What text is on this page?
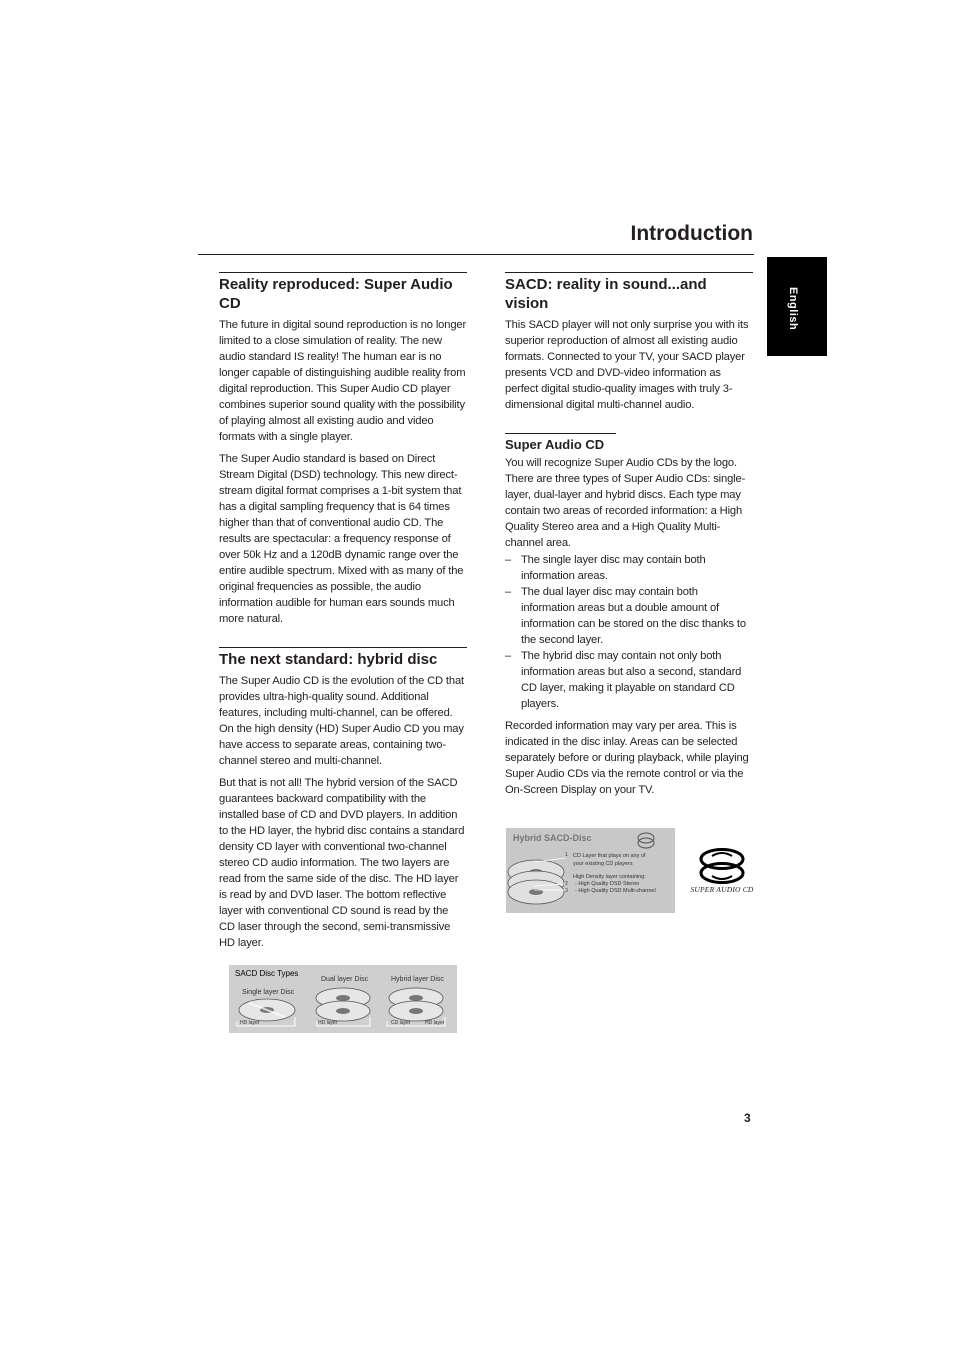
Introduction
English
Reality reproduced: Super Audio CD

The future in digital sound reproduction is no longer limited to a close simulation of reality. The new audio standard IS reality! The human ear is no longer capable of distinguishing audible reality from digital reproduction. This Super Audio CD player combines superior sound quality with the possibility of playing almost all existing audio and video formats with a single player.

The Super Audio standard is based on Direct Stream Digital (DSD) technology. This new direct-stream digital format comprises a 1-bit system that has a digital sampling frequency that is 64 times higher than that of conventional audio CD. The results are spectacular: a frequency response of over 50k Hz and a 120dB dynamic range over the entire audible spectrum. Mixed with as many of the original frequencies as possible, the audio information audible for human ears sounds much more natural.

The next standard: hybrid disc

The Super Audio CD is the evolution of the CD that provides ultra-high-quality sound. Additional features, including multi-channel, can be offered. On the high density (HD) Super Audio CD you may have access to separate areas, containing two-channel stereo and multi-channel.

But that is not all! The hybrid version of the SACD guarantees backward compatibility with the installed base of CD and DVD players. In addition to the HD layer, the hybrid disc contains a standard density CD layer with conventional two-channel stereo CD audio information. The two layers are read from the same side of the disc. The HD layer is read by and DVD laser. The bottom reflective layer with conventional CD sound is read by the CD laser through the second, semi-transmissive HD layer.

SACD Disc Types
Single layer Disc
Dual layer Disc	Hybrid layer Disc
HD layer	HD layer	CD layer	HD layer
SACD: reality in sound...and vision

This SACD player will not only surprise you with its superior reproduction of almost all existing audio formats. Connected to your TV, your SACD player presents VCD and DVD-video information as perfect digital studio-quality images with truly 3-dimensional digital multi-channel audio.

Super Audio CD

You will recognize Super Audio CDs by the logo. There are three types of Super Audio CDs: single-layer, dual-layer and hybrid discs. Each type may contain two areas of recorded information: a High Quality Stereo area and a High Quality Multi-channel area.

– The single layer disc may contain both information areas.
– The dual layer disc may contain both information areas but a double amount of information can be stored on the disc thanks to the second layer.
– The hybrid disc may contain not only both information areas but also a second, standard CD layer, making it playable on standard CD players.

Recorded information may vary per area. This is indicated in the disc inlay. Areas can be selected separately before or during playback, while playing Super Audio CDs via the remote control or via the On-Screen Display on your TV.

Hybrid SACD-Disc
1 CD Layer that plays on any of your existing CD players
High Density layer containing:
2 - High Quality DSD Stereo
3 - High Quality DSD Multi-channel	SUPER AUDIO CD
3
